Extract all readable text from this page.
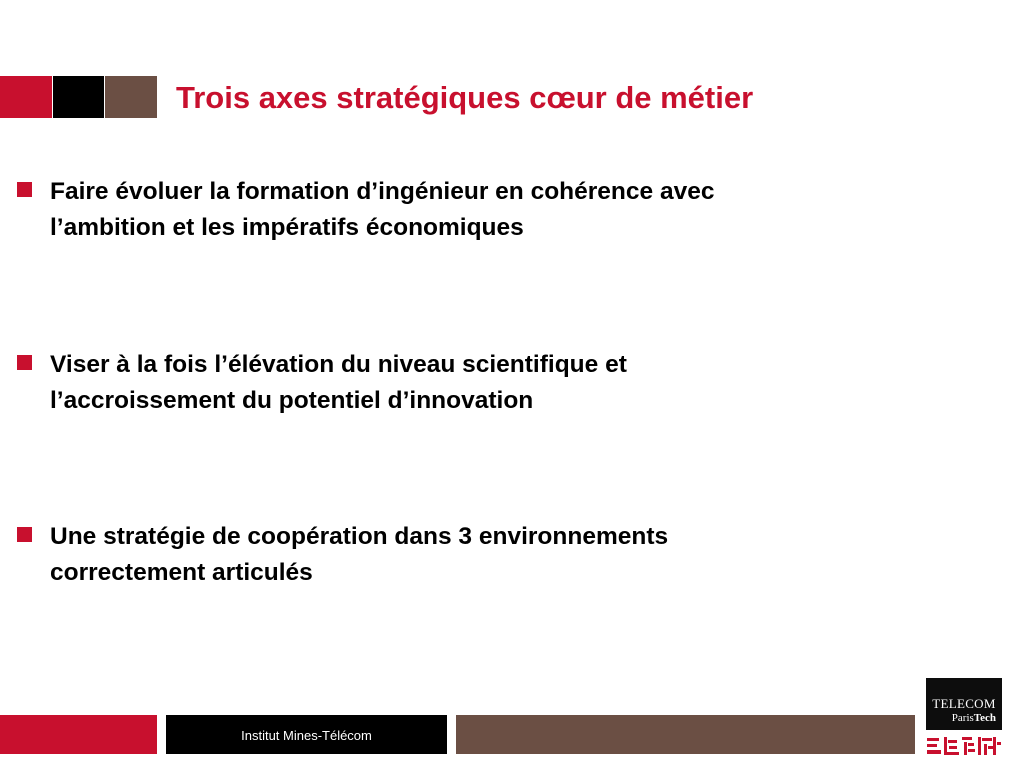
Trois axes stratégiques cœur de métier
Faire évoluer la formation d’ingénieur en cohérence avec
l’ambition et les impératifs économiques
Viser à la fois l’élévation du niveau scientifique et
l’accroissement du potentiel d’innovation
Une stratégie de coopération dans 3 environnements
correctement articulés
Institut Mines-Télécom
TELECOM
ParisTech
